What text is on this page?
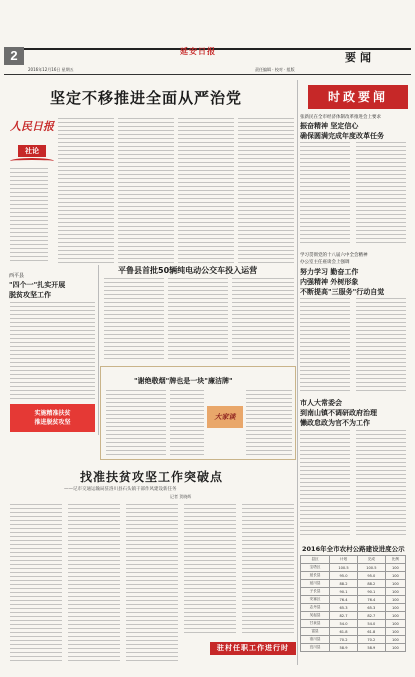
2	延安日报
2016年12月16日 星期五	责任编辑 · 校对 · 组版
要闻
坚定不移推进全面从严治党
人民日报
社论
西平县
"四个一"扎实开展
脱贫攻坚工作
实施精准扶贫
推进脱贫攻坚
平鲁县首批50辆纯电动公交车投入运营
"谢绝敬烟"牌也是一块"廉洁牌"
大家谈
找准扶贫攻坚工作突破点
——记市交通运输局驻洛川县石头镇干部作风建设新任务
记者 贺晓辉
驻村任职工作进行时
时政要闻
张新民在全市经济体制改革推进会上要求
振奋精神 坚定信心
确保圆满完成年度改革任务
学习贯彻党的十八届六中全会精神
办公室主任座谈会上强调
努力学习 勤奋工作
内强精神 外树形象
不断提高"三服务"行动自觉
市人大常委会
到南山镇不调研政府治理
懒政怠政为官不为工作
2016年全市农村公路建设进度公示
县区	计划	完成	比例
宝塔区	100.5	100.5	100
延长县	95.0	95.0	100
延川县	88.2	88.2	100
子长县	90.1	90.1	100
安塞区	76.4	76.4	100
志丹县	65.3	65.3	100
吴起县	82.7	82.7	100
甘泉县	54.0	54.0	100
富县	61.8	61.8	100
洛川县	70.2	70.2	100
宜川县	58.9	58.9	100
